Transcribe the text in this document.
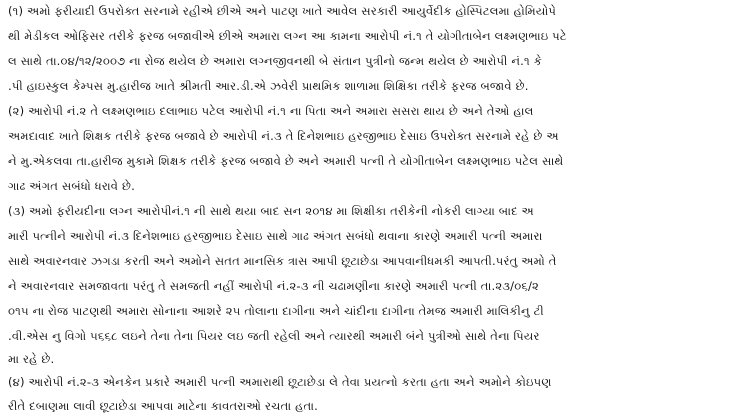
(૧) અમો ફરીયાદી ઉપરોક્ત સરનામે રહીએ છીએ અને પાટણ ખાતે આવેલ સરકારી આયુર્વેદીક હોસ્પિટલમા હોમિયોપે
થી મેડીકલ ઓફિસર તરીકે ફરજ બજાવીએ છીએ અમારા લગ્ન આ કામના આરોપી નં.૧ તે યોગીતાબેન લક્ષ્મણભાઇ પટે
લ સાથે તા.૦૪/૧૨/૨૦૦૭ ના રોજ થયેલ છે અમારા લગ્નજીવનથી બે સંતાન પુત્રીનો જન્મ થયેલ છે આરોપી નં.૧ કે
.પી હાઇસ્કુલ કેમ્પસ મુ.હારીજ ખાતે શ્રીમતી આર.ડી.એ ઝવેરી પ્રાથમિક શાળામા શિક્ષિકા તરીકે ફરજ બજાવે છે.
(૨) આરોપી નં.૨ તે લક્ષ્મણભાઇ દલાભાઇ પટેલ આરોપી નં.૧ ના પિતા અને અમારા સસરા થાય છે અને તેઓ હાલ
અમદાવાદ ખાતે શિક્ષક તરીકે ફરજ બજાવે છે આરોપી નં.૩ તે દિનેશભાઇ હરજીભાઇ દેસાઇ ઉપરોક્ત સરનામે રહે છે અ
ને મુ.એકલવા તા.હારીજ મુકામે શિક્ષક તરીકે ફરજ બજાવે છે અને અમારી પત્ની તે યોગીતાબેન લક્ષ્મણભાઇ પટેલ સાથે
ગાઢ અંગત સબંધો ધરાવે છે.
(૩) અમો ફરીયદીના લગ્ન આરોપીનં.૧ ની સાથે થયા બાદ સન ૨૦૧૪ મા શિક્ષીકા તરીકેની નોકરી લાગ્યા બાદ અ
મારી પત્નીને આરોપી નં.૩ દિનેશભાઇ હરજીભાઇ દેસાઇ સાથે ગાઢ અંગત સબંધો થવાના કારણે અમારી પત્ની અમારા
સાથે અવારનવાર ઝગડા કરતી અને અમોને સતત માનસિક ત્રાસ આપી છૂટાછેડા આપવાનીધમકી આપતી.પરંતુ અમો તે
ને અવારનવાર સમજાવતા પરંતુ તે સમજતી નહીં આરોપી નં.૨-૩ ની ચઢામણીના કારણે અમારી પત્ની તા.૨૩/૦૬/૨
૦૧૫ ના રોજ પાટણથી અમારા સોનાના આશરે ૨૫ તોલાના દાગીના અને ચાંદીના દાગીના તેમજ અમારી માલિકીનુ ટી
.વી.એસ નુ વિગો ૫૬૬૮ લઇને તેના તેના પિયર લઇ જતી રહેલી અને ત્યારથી અમારી બંને પુત્રીઓ સાથે તેના પિયર
મા રહે છે.
(૪) આરોપી નં.૨-૩ એનકેન પ્રકારે અમારી પત્ની અમારાથી છૂટાછેડા લે તેવા પ્રયત્નો કરતા હતા અને અમોને કોઇપણ
રીતે દબાણમા લાવી છૂટાછેડા આપવા માટેના કાવતરાઓ રચતા હતા.
